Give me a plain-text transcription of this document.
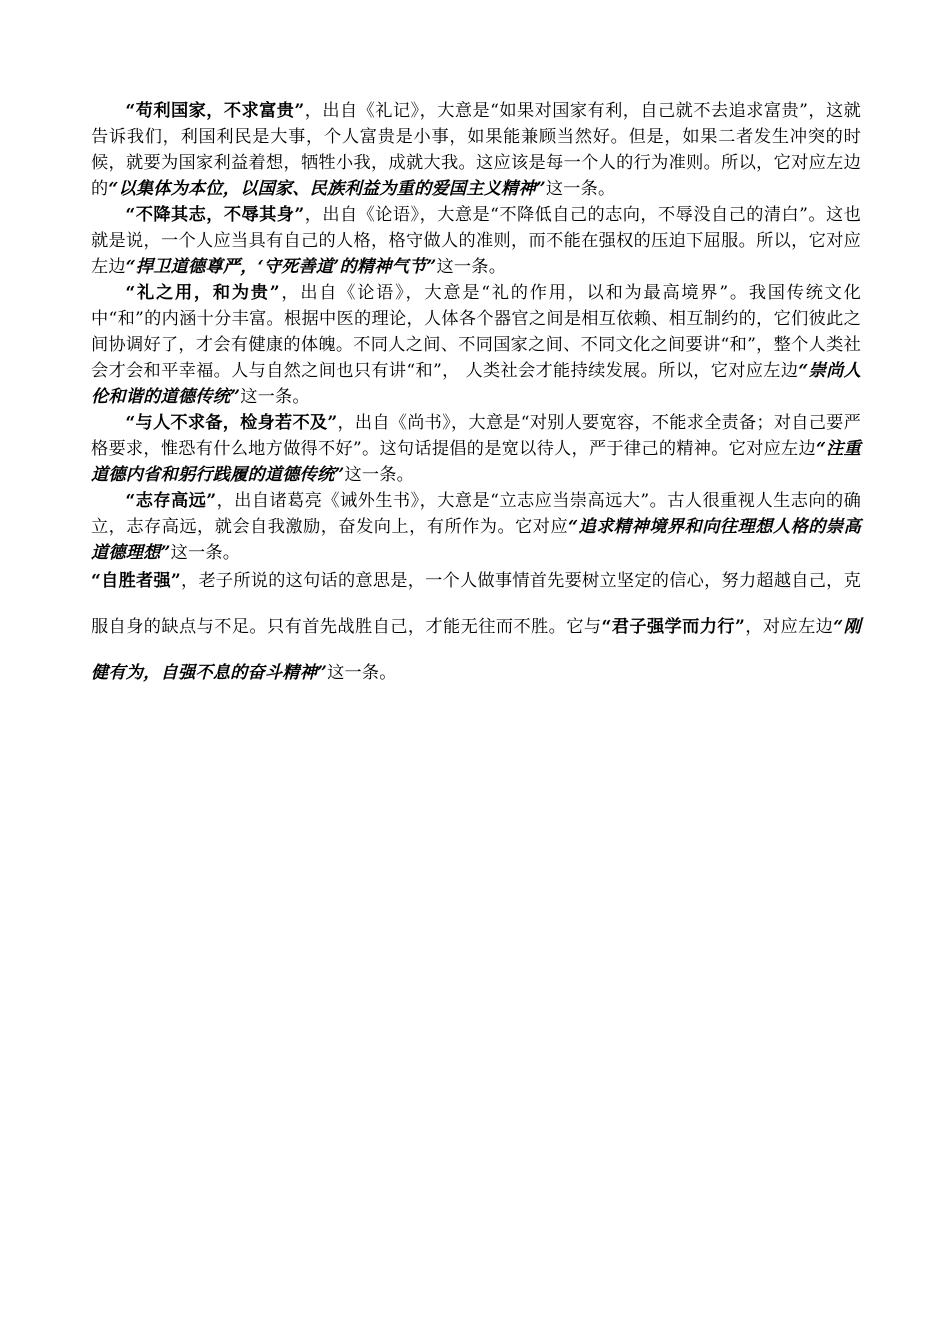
“苟利国家，不求富贵”，出自《礼记》，大意是“如果对国家有利，自己就不去追求富贵”，这就告诉我们，利国利民是大事，个人富贵是小事，如果能兼顾当然好。但是，如果二者发生冲突的时候，就要为国家利益着想，牺牲小我，成就大我。这应该是每一个人的行为准则。所以，它对应左边的“以集体为本位，以国家、民族利益为重的爱国主义精神”这一条。

“不降其志，不辱其身”，出自《论语》，大意是“不降低自己的志向，不辱没自己的清白”。这也就是说，一个人应当具有自己的人格，格守做人的准则，而不能在强权的压迫下屈服。所以，它对应左边“捍卫道德尊严，‘守死善道’的精神气节”这一条。

“礼之用，和为贵”，出自《论语》，大意是“礼的作用，以和为最高境界”。我国传统文化中“和”的内涵十分丰富。根据中医的理论，人体各个器官之间是相互依赖、相互制约的，它们彼此之间协调好了，才会有健康的体魄。不同人之间、不同国家之间、不同文化之间要讲“和”，整个人类社会才会和平幸福。人与自然之间也只有讲“和”， 人类社会才能持续发展。所以，它对应左边“崇尚人伦和谐的道德传统”这一条。

“与人不求备，检身若不及”，出自《尚书》，大意是“对别人要宽容，不能求全责备；对自己要严格要求，惟恐有什么地方做得不好”。这句话提倡的是宽以待人，严于律己的精神。它对应左边“注重道德内省和躬行践履的道德传统”这一条。

“志存高远”，出自诸葛亮《诫外生书》，大意是“立志应当崇高远大”。古人很重视人生志向的确立，志存高远，就会自我激励，奋发向上，有所作为。它对应“追求精神境界和向往理想人格的崇高道德理想”这一条。

“自胜者强”，老子所说的这句话的意思是，一个人做事情首先要树立坚定的信心，努力超越自己，克服自身的缺点与不足。只有首先战胜自己，才能无往而不胜。它与“君子强学而力行”，对应左边“刚健有为，自强不息的奋斗精神”这一条。
